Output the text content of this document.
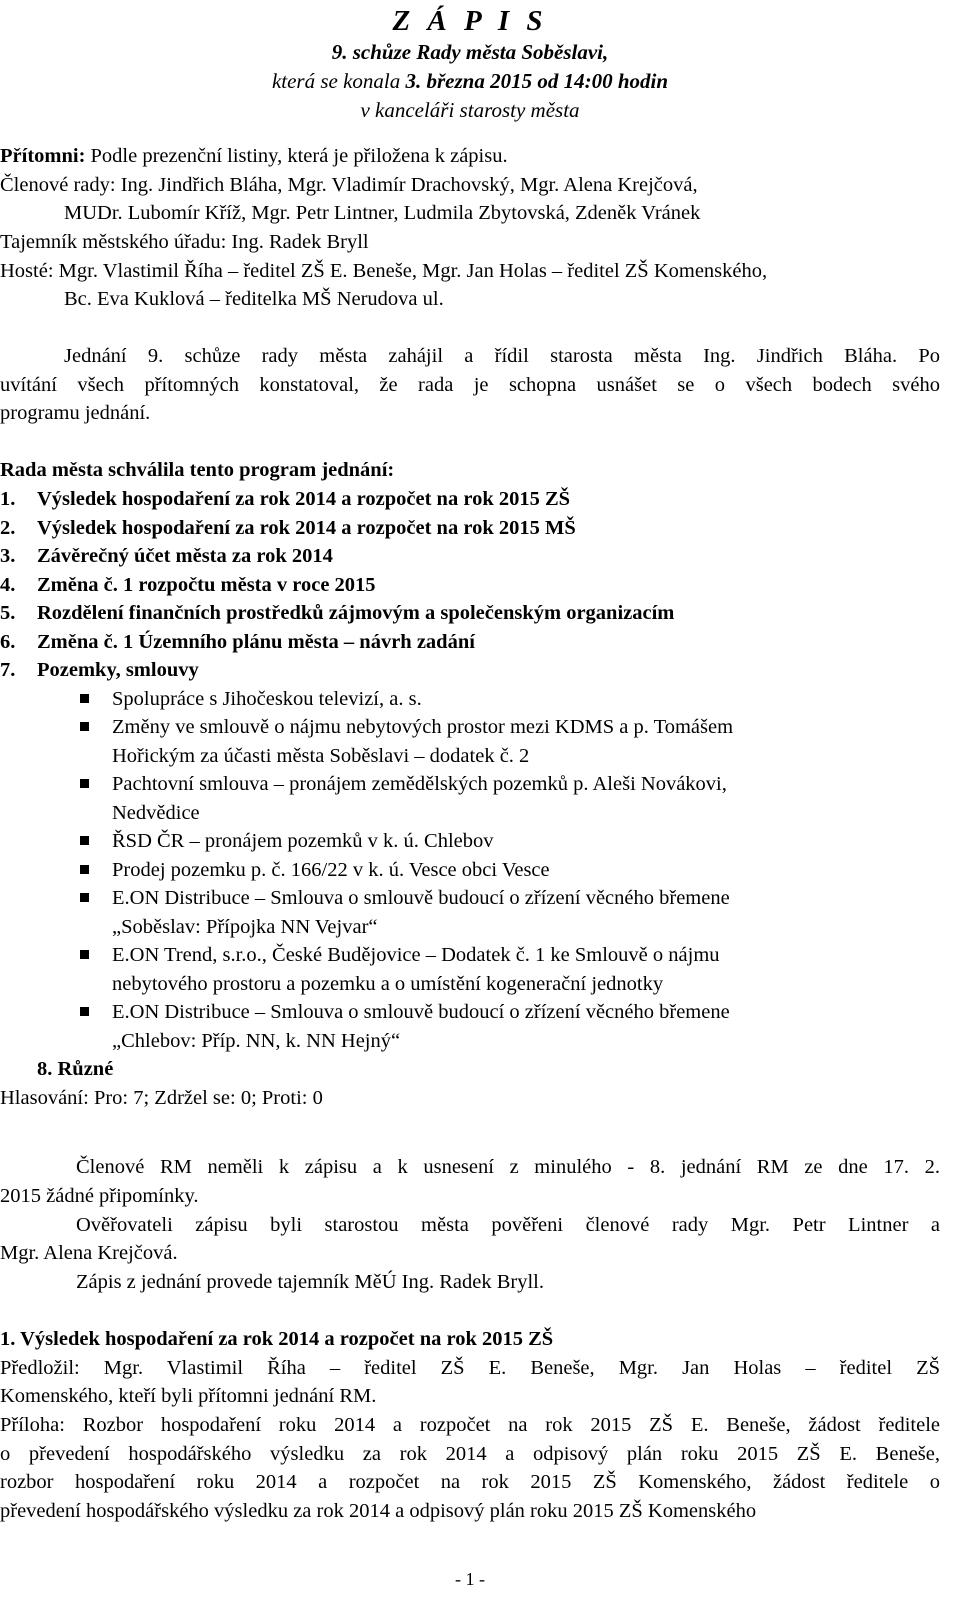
Z Á P I S
9. schůze Rady města Soběslavi,
která se konala 3. března 2015 od 14:00 hodin
v kanceláři starosty města
Přítomni: Podle prezenční listiny, která je přiložena k zápisu.
Členové rady: Ing. Jindřich Bláha, Mgr. Vladimír Drachovský, Mgr. Alena Krejčová,
MUDr. Lubomír Kříž, Mgr. Petr Lintner, Ludmila Zbytovská, Zdeněk Vránek
Tajemník městského úřadu: Ing. Radek Bryll
Hosté: Mgr. Vlastimil Říha – ředitel ZŠ E. Beneše, Mgr. Jan Holas – ředitel ZŠ Komenského,
Bc. Eva Kuklová – ředitelka MŠ Nerudova ul.
Jednání 9. schůze rady města zahájil a řídil starosta města Ing. Jindřich Bláha. Po
uvítání všech přítomných konstatoval, že rada je schopna usnášet se o všech bodech svého
programu jednání.
Rada města schválila tento program jednání:
1. Výsledek hospodaření za rok 2014 a rozpočet na rok 2015 ZŠ
2. Výsledek hospodaření za rok 2014 a rozpočet na rok 2015 MŠ
3. Závěrečný účet města za rok 2014
4. Změna č. 1 rozpočtu města v roce 2015
5. Rozdělení finančních prostředků zájmovým a společenským organizacím
6. Změna č. 1 Územního plánu města – návrh zadání
7. Pozemky, smlouvy
Spolupráce s Jihočeskou televizí, a. s.
Změny ve smlouvě o nájmu nebytových prostor mezi KDMS a p. Tomášem
Hořickým za účasti města Soběslavi – dodatek č. 2
Pachtovní smlouva – pronájem zemědělských pozemků p. Aleši Novákovi,
Nedvědice
ŘSD ČR – pronájem pozemků v k. ú. Chlebov
Prodej pozemku p. č. 166/22 v k. ú. Vesce obci Vesce
E.ON Distribuce – Smlouva o smlouvě budoucí o zřízení věcného břemene
„Soběslav: Přípojka NN Vejvar“
E.ON Trend, s.r.o., České Budějovice – Dodatek č. 1 ke Smlouvě o nájmu
nebytového prostoru a pozemku a o umístění kogenerační jednotky
E.ON Distribuce – Smlouva o smlouvě budoucí o zřízení věcného břemene
„Chlebov: Příp. NN, k. NN Hejný“
8. Různé
Hlasování: Pro: 7; Zdržel se: 0; Proti: 0
Členové RM neměli k zápisu a k usnesení z minulého - 8. jednání RM ze dne 17. 2.
2015 žádné připomínky.
Ověřovateli zápisu byli starostou města pověřeni členové rady Mgr. Petr Lintner a
Mgr. Alena Krejčová.
Zápis z jednání provede tajemník MěÚ Ing. Radek Bryll.
1. Výsledek hospodaření za rok 2014 a rozpočet na rok 2015 ZŠ
Předložil: Mgr. Vlastimil Říha – ředitel ZŠ E. Beneše, Mgr. Jan Holas – ředitel ZŠ
Komenského, kteří byli přítomni jednání RM.
Příloha: Rozbor hospodaření roku 2014 a rozpočet na rok 2015 ZŠ E. Beneše, žádost ředitele
o převedení hospodářského výsledku za rok 2014 a odpisový plán roku 2015 ZŠ E. Beneše,
rozbor hospodaření roku 2014 a rozpočet na rok 2015 ZŠ Komenského, žádost ředitele o
převedení hospodářského výsledku za rok 2014 a odpisový plán roku 2015 ZŠ Komenského
- 1 -
